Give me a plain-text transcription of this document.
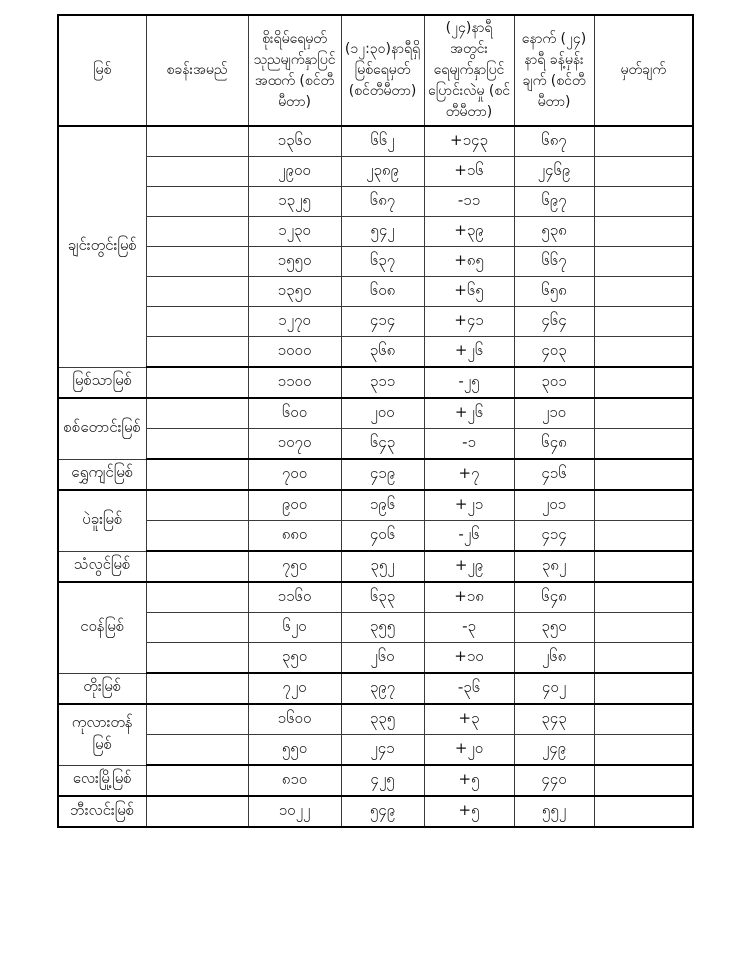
မြစ်	စခန်းအမည်	စိုးရိမ်ရေမှတ် သုညမျက်နှာပြင် အထက် (စင်တီမီတာ)	(၁၂:၃၀)နာရီရှိ မြစ်ရေမှတ် (စင်တီမီတာ)	(၂၄)နာရီအတွင်း ရေမျက်နှာပြင် ပြောင်းလဲမှု (စင်တီမီတာ)	နောက် (၂၄) နာရီ ခန့်မှန်းချက် (စင်တီမီတာ)	မှတ်ချက်
ချင်းတွင်းမြစ်		၁၃၆၀	၆၆၂	+၁၄၃	၆၈၇	
		၂၉၀၀	၂၃၈၉	+၁၆	၂၄၆၉	
		၁၃၂၅	၆၈၇	-၁၁	၆၉၇	
		၁၂၃၀	၅၄၂	+၃၉	၅၃၈	
		၁၅၅၀	၆၃၇	+၈၅	၆၆၇	
		၁၃၅၀	၆၀၈	+၆၅	၆၅၈	
		၁၂၇၀	၄၁၄	+၄၁	၄၆၄	
		၁၀၀၀	၃၆၈	+၂၆	၄၀၃	
မြစ်သာမြစ်		၁၁၀၀	၃၁၁	-၂၅	၃၀၁	
စစ်တောင်းမြစ်		၆၀၀	၂၀၀	+၂၆	၂၁၀	
		၁၀၇၀	၆၄၃	-၁	၆၄၈	
ရွှေကျင်မြစ်		၇၀၀	၄၁၉	+၇	၄၁၆	
ပဲခူးမြစ်		၉၀၀	၁၉၆	+၂၁	၂၀၁	
		၈၈၀	၄၀၆	-၂၆	၄၁၄	
သံလွင်မြစ်		၇၅၀	၃၅၂	+၂၉	၃၈၂	
ငဝန်မြစ်		၁၁၆၀	၆၃၃	+၁၈	၆၄၈	
		၆၂၀	၃၅၅	-၃	၃၅၀	
		၃၅၀	၂၆၀	+၁၀	၂၆၈	
တိုးမြစ်		၇၂၀	၃၉၇	-၃၆	၄၀၂	
ကုလားတန်မြစ်		၁၆၀၀	၃၃၅	+၃	၃၄၃	
		၅၅၀	၂၄၁	+၂၀	၂၄၉	
လေးမြို့မြစ်		၈၁၀	၄၂၅	+၅	၄၄၀	
ဘီးလင်းမြစ်		၁၀၂၂	၅၄၉	+၅	၅၅၂	
